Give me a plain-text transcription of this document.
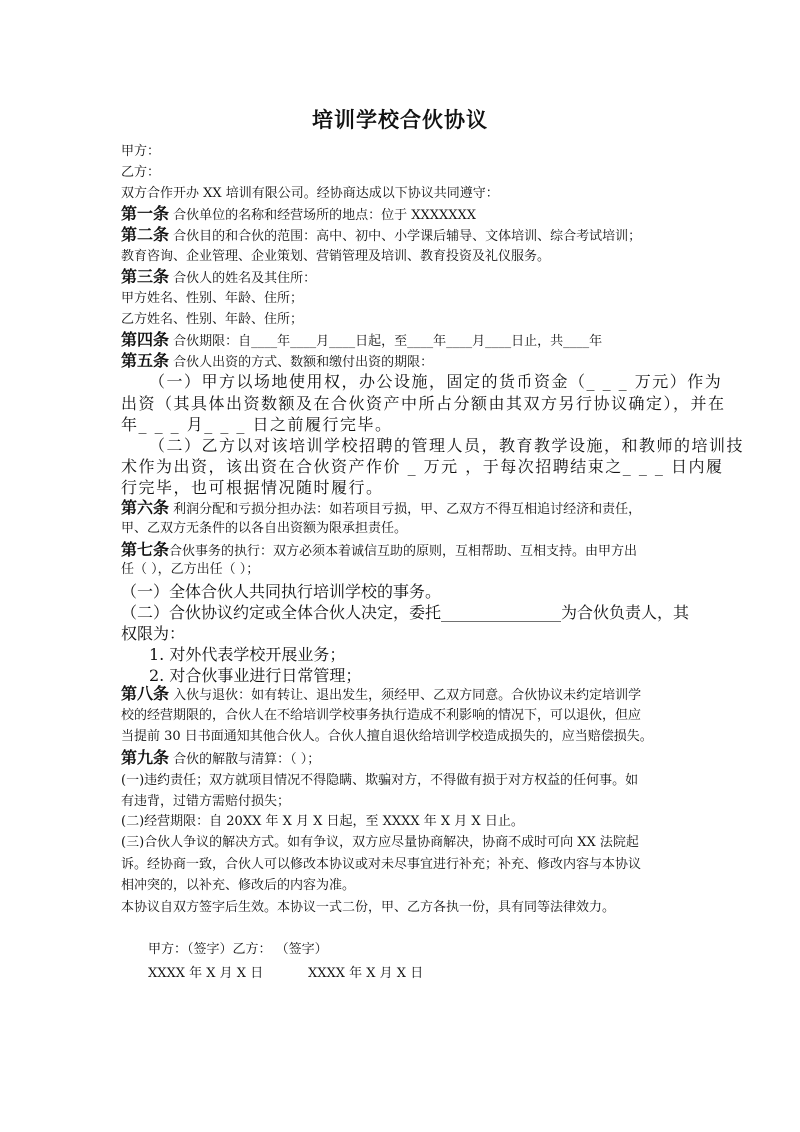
培训学校合伙协议
甲方：
乙方：
双方合作开办 XX 培训有限公司。经协商达成以下协议共同遵守：
第一条 合伙单位的名称和经营场所的地点：位于 XXXXXXX
第二条 合伙目的和合伙的范围：高中、初中、小学课后辅导、文体培训、综合考试培训；
教育咨询、企业管理、企业策划、营销管理及培训、教育投资及礼仪服务。
第三条 合伙人的姓名及其住所：
甲方姓名、性别、年龄、住所；
乙方姓名、性别、年龄、住所；
第四条 合伙期限：自____年____月____日起，至____年____月____日止，共____年
第五条 合伙人出资的方式、数额和缴付出资的期限：
（一）甲方以场地使用权，办公设施，固定的货币资金（_ _ _ 万元）作为
出资（其具体出资数额及在合伙资产中所占分额由其双方另行协议确定），并在
年_ _ _ 月_ _ _ 日之前履行完毕。
（二）乙方以对该培训学校招聘的管理人员，教育教学设施，和教师的培训技
术作为出资，该出资在合伙资产作价 _ 万元 ，于每次招聘结束之_ _ _ 日内履
行完毕，也可根据情况随时履行。
第六条 利润分配和亏损分担办法：如若项目亏损，甲、乙双方不得互相追讨经济和责任，
甲、乙双方无条件的以各自出资额为限承担责任。
第七条合伙事务的执行：双方必须本着诚信互助的原则，互相帮助、互相支持。由甲方出
任（ ），乙方出任（ ）；
（一）全体合伙人共同执行培训学校的事务。
（二）合伙协议约定或全体合伙人决定，委托_______________为合伙负责人，其
权限为：
1. 对外代表学校开展业务；
2. 对合伙事业进行日常管理；
第八条 入伙与退伙：如有转让、退出发生，须经甲、乙双方同意。合伙协议未约定培训学
校的经营期限的，合伙人在不给培训学校事务执行造成不利影响的情况下，可以退伙，但应
当提前 30 日书面通知其他合伙人。合伙人擅自退伙给培训学校造成损失的，应当赔偿损失。
第九条 合伙的解散与清算：（ ）；
(一)违约责任；双方就项目情况不得隐瞒、欺骗对方，不得做有损于对方权益的任何事。如
有违背，过错方需赔付损失；
(二)经营期限：自 20XX 年 X 月 X 日起，至 XXXX 年 X 月 X 日止。
(三)合伙人争议的解决方式。如有争议，双方应尽量协商解决，协商不成时可向 XX 法院起
诉。经协商一致，合伙人可以修改本协议或对未尽事宜进行补充；补充、修改内容与本协议
相冲突的，以补充、修改后的内容为准。
本协议自双方签字后生效。本协议一式二份，甲、乙方各执一份，具有同等法律效力。
甲方：（签字）乙方： （签字）
XXXX 年 X 月 X 日	XXXX 年 X 月 X 日
